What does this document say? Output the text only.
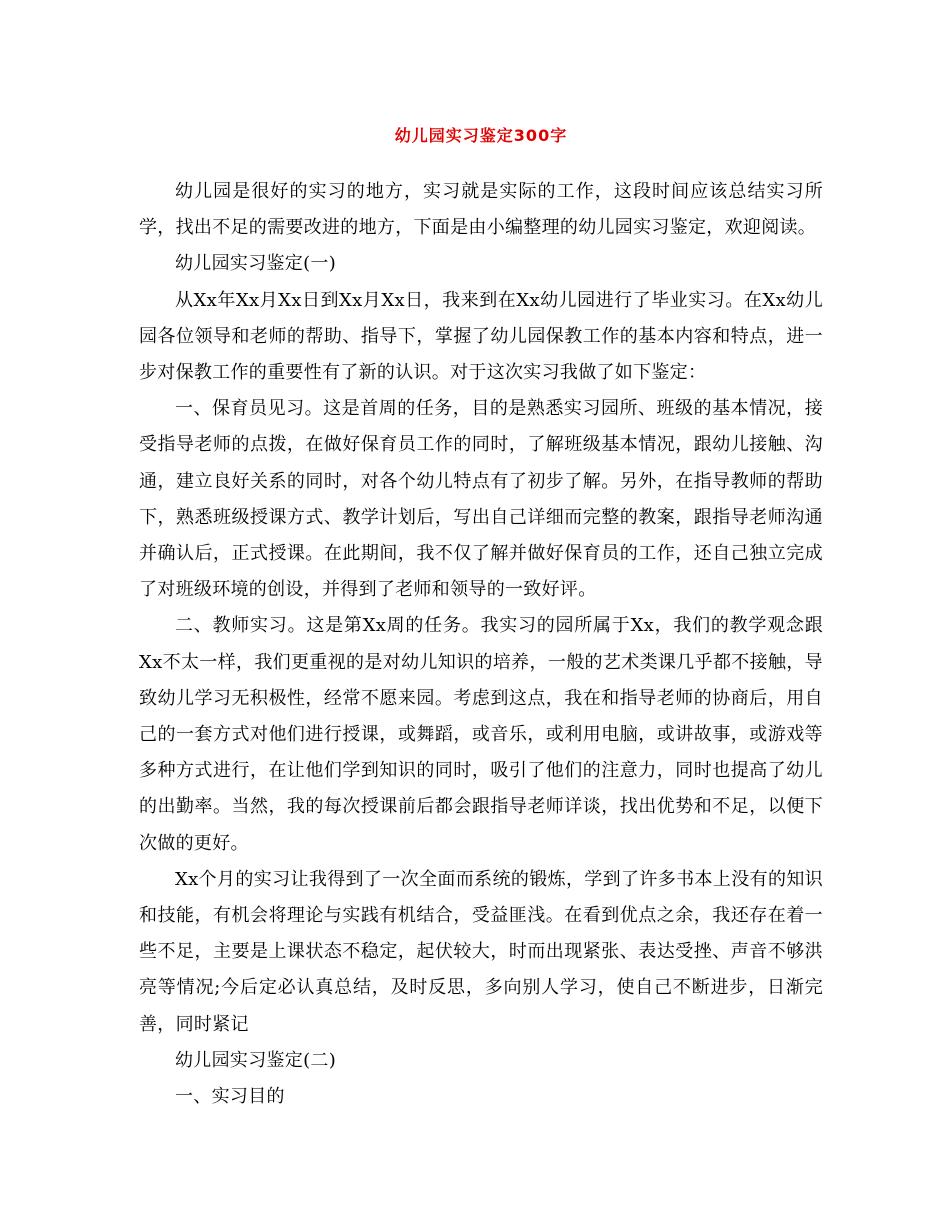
幼儿园实习鉴定300字

幼儿园是很好的实习的地方，实习就是实际的工作，这段时间应该总结实习所学，找出不足的需要改进的地方，下面是由小编整理的幼儿园实习鉴定，欢迎阅读。

幼儿园实习鉴定(一)

从Xx年Xx月Xx日到Xx月Xx日，我来到在Xx幼儿园进行了毕业实习。在Xx幼儿园各位领导和老师的帮助、指导下，掌握了幼儿园保教工作的基本内容和特点，进一步对保教工作的重要性有了新的认识。对于这次实习我做了如下鉴定：

一、保育员见习。这是首周的任务，目的是熟悉实习园所、班级的基本情况，接受指导老师的点拨，在做好保育员工作的同时，了解班级基本情况，跟幼儿接触、沟通，建立良好关系的同时，对各个幼儿特点有了初步了解。另外，在指导教师的帮助下，熟悉班级授课方式、教学计划后，写出自己详细而完整的教案，跟指导老师沟通并确认后，正式授课。在此期间，我不仅了解并做好保育员的工作，还自己独立完成了对班级环境的创设，并得到了老师和领导的一致好评。

二、教师实习。这是第Xx周的任务。我实习的园所属于Xx，我们的教学观念跟Xx不太一样，我们更重视的是对幼儿知识的培养，一般的艺术类课几乎都不接触，导致幼儿学习无积极性，经常不愿来园。考虑到这点，我在和指导老师的协商后，用自己的一套方式对他们进行授课，或舞蹈，或音乐，或利用电脑，或讲故事，或游戏等多种方式进行，在让他们学到知识的同时，吸引了他们的注意力，同时也提高了幼儿的出勤率。当然，我的每次授课前后都会跟指导老师详谈，找出优势和不足，以便下次做的更好。

Xx个月的实习让我得到了一次全面而系统的锻炼，学到了许多书本上没有的知识和技能，有机会将理论与实践有机结合，受益匪浅。在看到优点之余，我还存在着一些不足，主要是上课状态不稳定，起伏较大，时而出现紧张、表达受挫、声音不够洪亮等情况;今后定必认真总结，及时反思，多向别人学习，使自己不断进步，日渐完善，同时紧记

幼儿园实习鉴定(二)

一、实习目的
